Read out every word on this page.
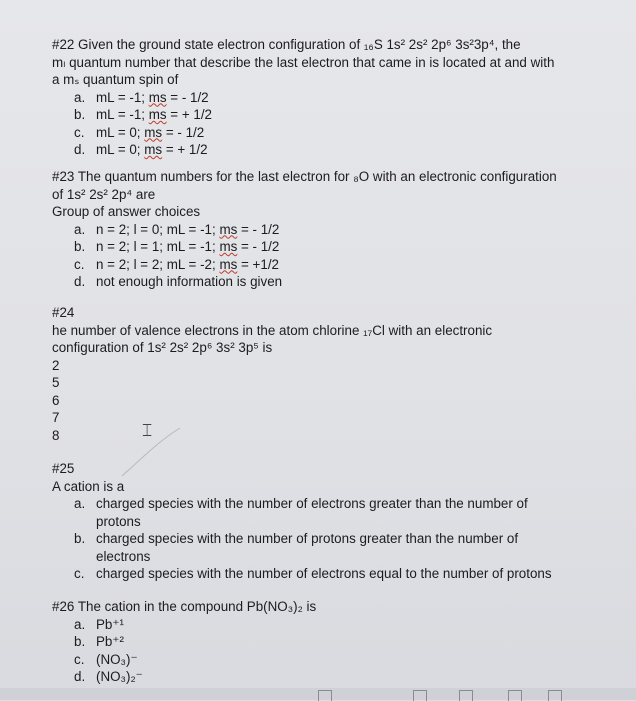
#22 Given the ground state electron configuration of ₁₆S 1s² 2s² 2p⁶ 3s²3p⁴, the
mₗ quantum number that describe the last electron that came in is located at and with
a mₛ quantum spin of
a. mL = -1; ms = - 1/2
b. mL = -1; ms = + 1/2
c. mL = 0; ms = - 1/2
d. mL = 0; ms = + 1/2
#23 The quantum numbers for the last electron for ₈O with an electronic configuration
of 1s² 2s² 2p⁴ are
Group of answer choices
a. n = 2; l = 0; mL = -1; ms = - 1/2
b. n = 2; l = 1; mL = -1; ms = - 1/2
c. n = 2; l = 2; mL = -2; ms = +1/2
d. not enough information is given
#24
he number of valence electrons in the atom chlorine ₁₇Cl with an electronic
configuration of 1s² 2s² 2p⁶ 3s² 3p⁵ is
2
5
6
7
8	⌶
#25
A cation is a
a. charged species with the number of electrons greater than the number of
protons
b. charged species with the number of protons greater than the number of
electrons
c. charged species with the number of electrons equal to the number of protons
#26 The cation in the compound Pb(NO₃)₂ is
a. Pb⁺¹
b. Pb⁺²
c. (NO₃)⁻
d. (NO₃)₂⁻
